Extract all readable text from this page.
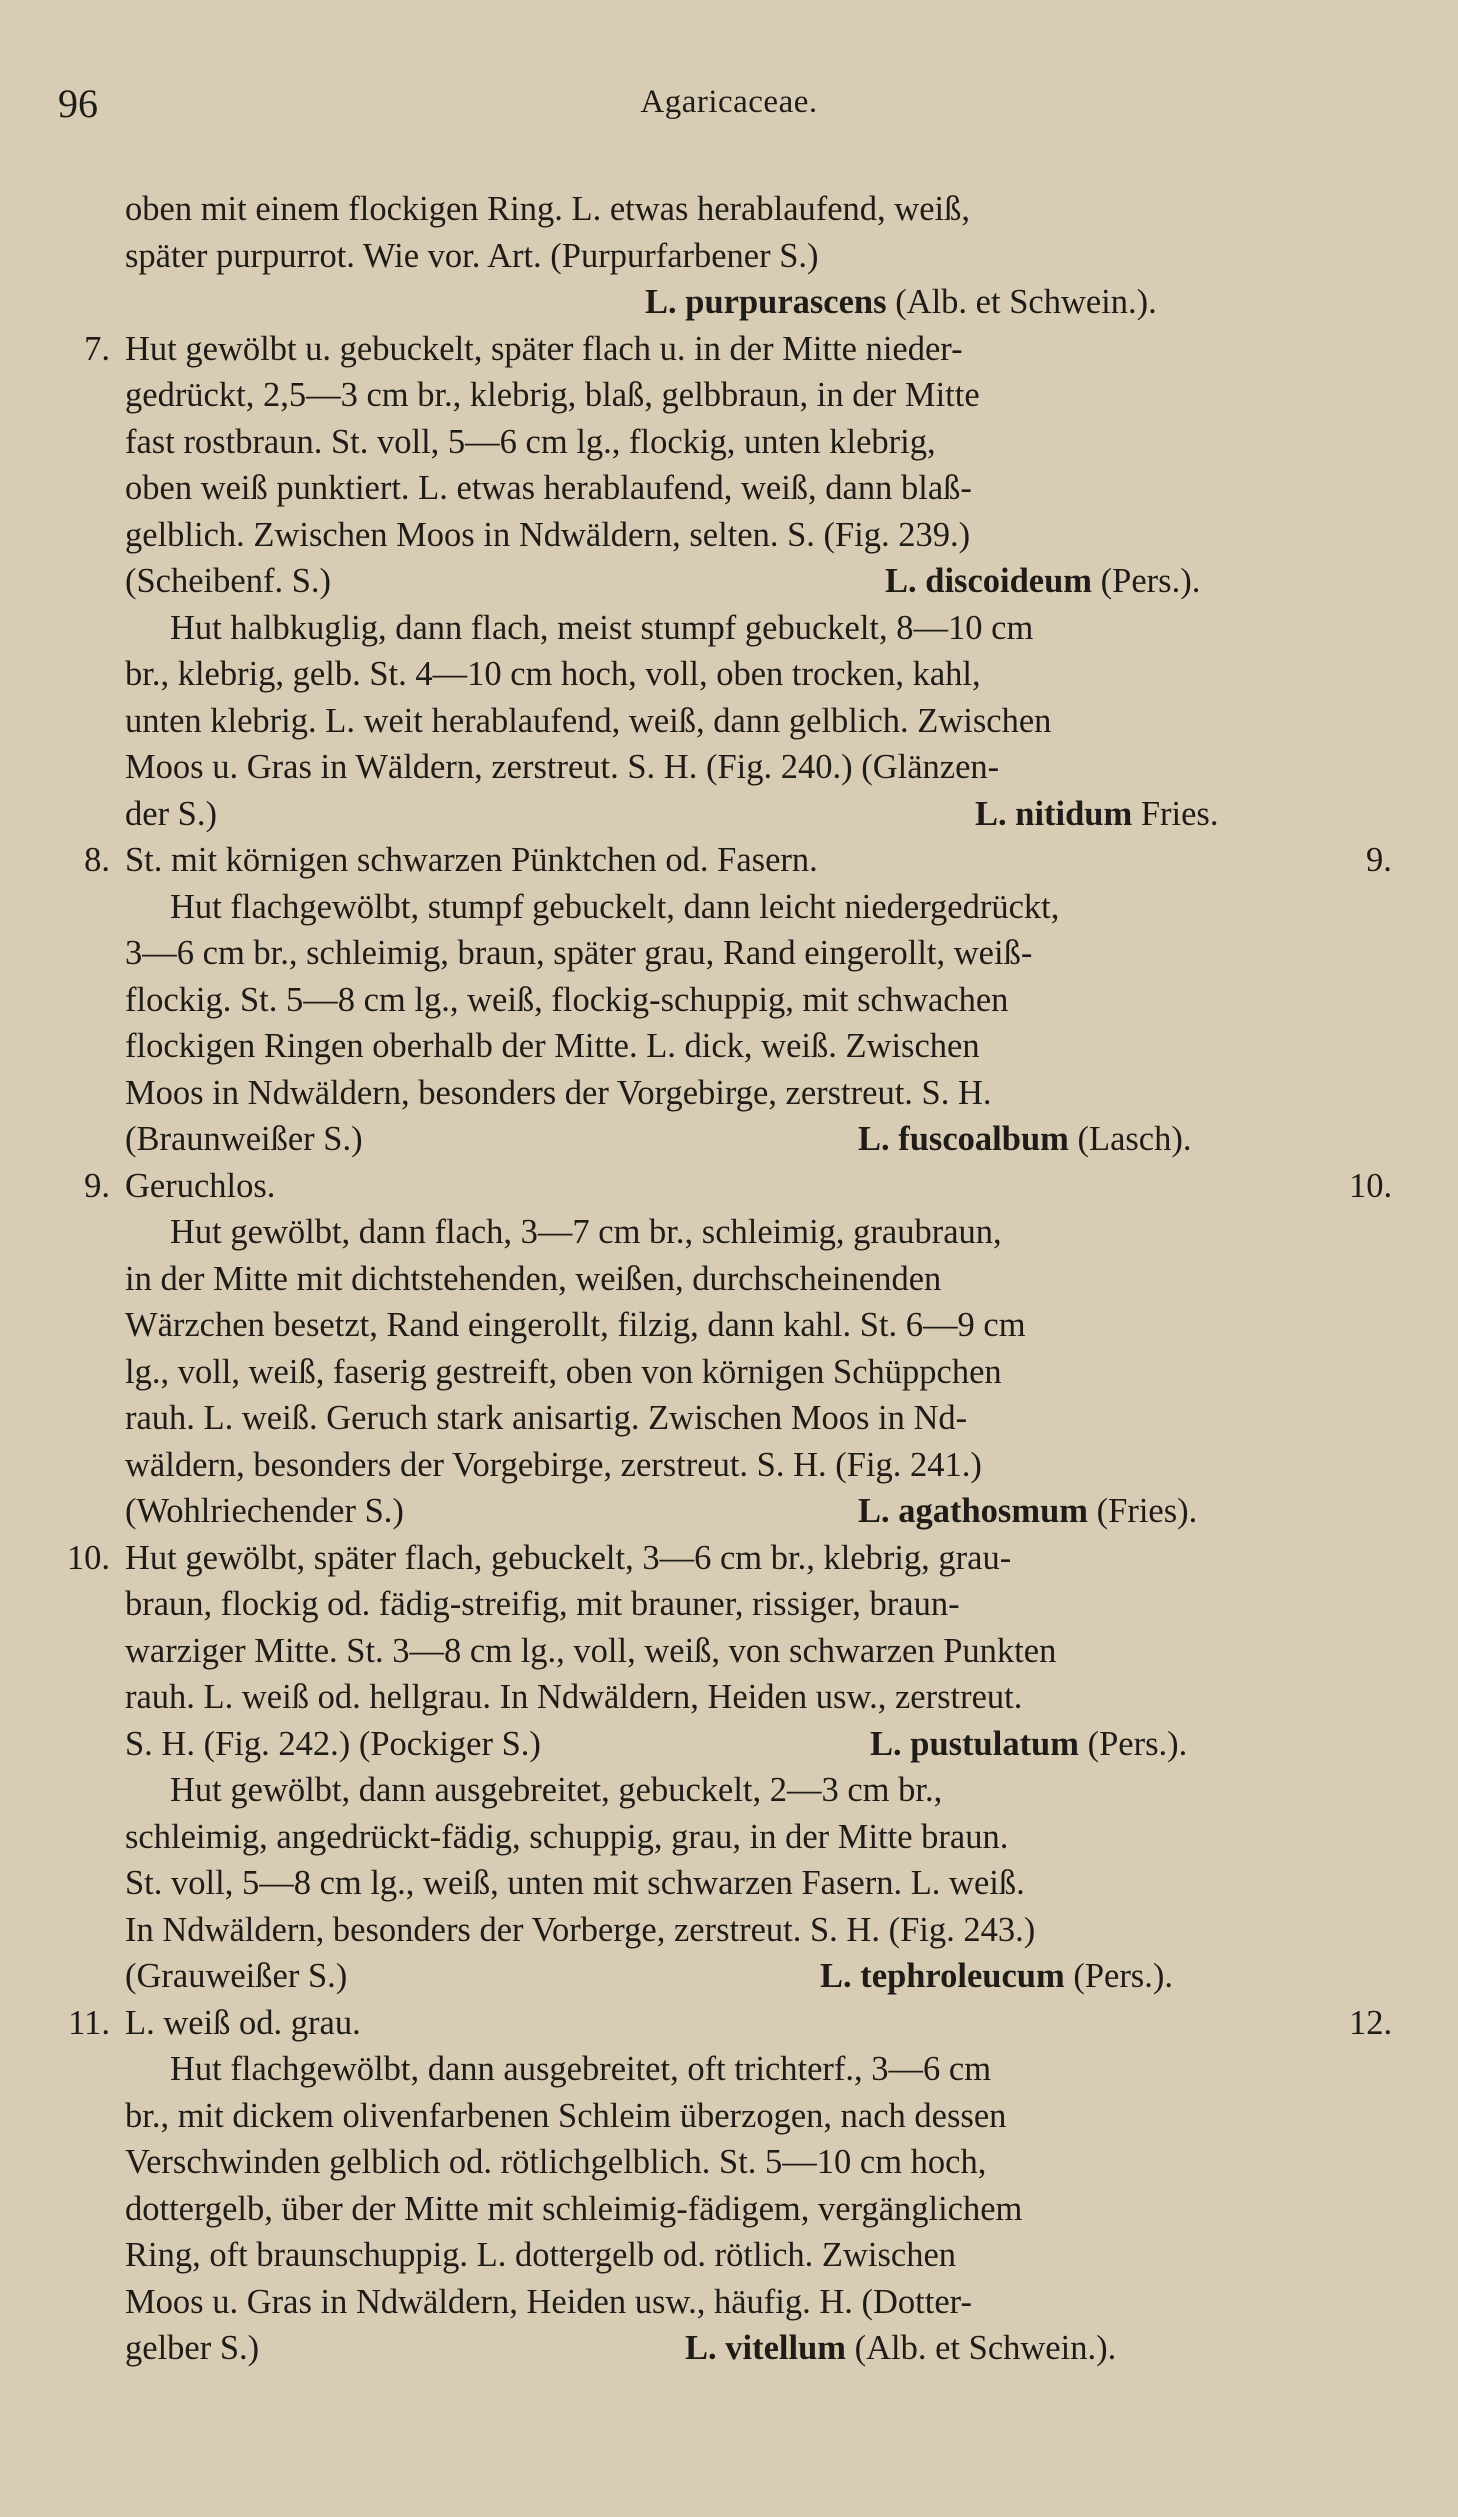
96	Agaricaceae.
oben mit einem flockigen Ring. L. etwas herablaufend, weiß,
später purpurrot. Wie vor. Art. (Purpurfarbener S.)
L. purpurascens (Alb. et Schwein.).
7. Hut gewölbt u. gebuckelt, später flach u. in der Mitte nieder-
gedrückt, 2,5—3 cm br., klebrig, blaß, gelbbraun, in der Mitte
fast rostbraun. St. voll, 5—6 cm lg., flockig, unten klebrig,
oben weiß punktiert. L. etwas herablaufend, weiß, dann blaß-
gelblich. Zwischen Moos in Ndwäldern, selten. S. (Fig. 239.)
(Scheibenf. S.)	L. discoideum (Pers.).
Hut halbkuglig, dann flach, meist stumpf gebuckelt, 8—10 cm
br., klebrig, gelb. St. 4—10 cm hoch, voll, oben trocken, kahl,
unten klebrig. L. weit herablaufend, weiß, dann gelblich. Zwischen
Moos u. Gras in Wäldern, zerstreut. S. H. (Fig. 240.) (Glänzen-
der S.)	L. nitidum Fries.
8. St. mit körnigen schwarzen Pünktchen od. Fasern.	9.
Hut flachgewölbt, stumpf gebuckelt, dann leicht niedergedrückt,
3—6 cm br., schleimig, braun, später grau, Rand eingerollt, weiß-
flockig. St. 5—8 cm lg., weiß, flockig-schuppig, mit schwachen
flockigen Ringen oberhalb der Mitte. L. dick, weiß. Zwischen
Moos in Ndwäldern, besonders der Vorgebirge, zerstreut. S. H.
(Braunweißer S.)	L. fuscoalbum (Lasch).
9. Geruchlos.	10.
Hut gewölbt, dann flach, 3—7 cm br., schleimig, graubraun,
in der Mitte mit dichtstehenden, weißen, durchscheinenden
Wärzchen besetzt, Rand eingerollt, filzig, dann kahl. St. 6—9 cm
lg., voll, weiß, faserig gestreift, oben von körnigen Schüppchen
rauh. L. weiß. Geruch stark anisartig. Zwischen Moos in Nd-
wäldern, besonders der Vorgebirge, zerstreut. S. H. (Fig. 241.)
(Wohlriechender S.)	L. agathosmum (Fries).
10. Hut gewölbt, später flach, gebuckelt, 3—6 cm br., klebrig, grau-
braun, flockig od. fädig-streifig, mit brauner, rissiger, braun-
warziger Mitte. St. 3—8 cm lg., voll, weiß, von schwarzen Punkten
rauh. L. weiß od. hellgrau. In Ndwäldern, Heiden usw., zerstreut.
S. H. (Fig. 242.) (Pockiger S.)	L. pustulatum (Pers.).
Hut gewölbt, dann ausgebreitet, gebuckelt, 2—3 cm br.,
schleimig, angedrückt-fädig, schuppig, grau, in der Mitte braun.
St. voll, 5—8 cm lg., weiß, unten mit schwarzen Fasern. L. weiß.
In Ndwäldern, besonders der Vorberge, zerstreut. S. H. (Fig. 243.)
(Grauweißer S.)	L. tephroleucum (Pers.).
11. L. weiß od. grau.	12.
Hut flachgewölbt, dann ausgebreitet, oft trichterf., 3—6 cm
br., mit dickem olivenfarbenen Schleim überzogen, nach dessen
Verschwinden gelblich od. rötlichgelblich. St. 5—10 cm hoch,
dottergelb, über der Mitte mit schleimig-fädigem, vergänglichem
Ring, oft braunschuppig. L. dottergelb od. rötlich. Zwischen
Moos u. Gras in Ndwäldern, Heiden usw., häufig. H. (Dotter-
gelber S.)	L. vitellum (Alb. et Schwein.).
